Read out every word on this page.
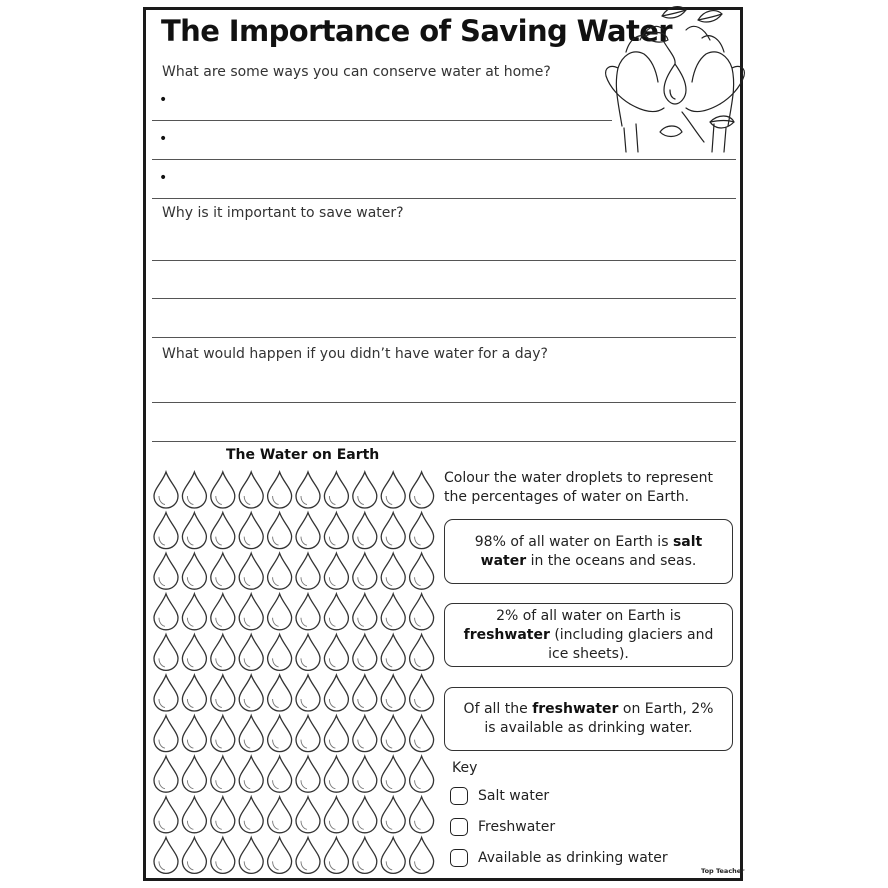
The Importance of Saving Water
What are some ways you can conserve water at home?
•
•
•
Why is it important to save water?
What would happen if you didn’t have water for a day?
The Water on Earth
Colour the water droplets to represent the percentages of water on Earth.
98% of all water on Earth is salt water in the oceans and seas.
2% of all water on Earth is freshwater (including glaciers and ice sheets).
Of all the freshwater on Earth, 2% is available as drinking water.
Key
Salt water
Freshwater
Available as drinking water
Top Teacher
